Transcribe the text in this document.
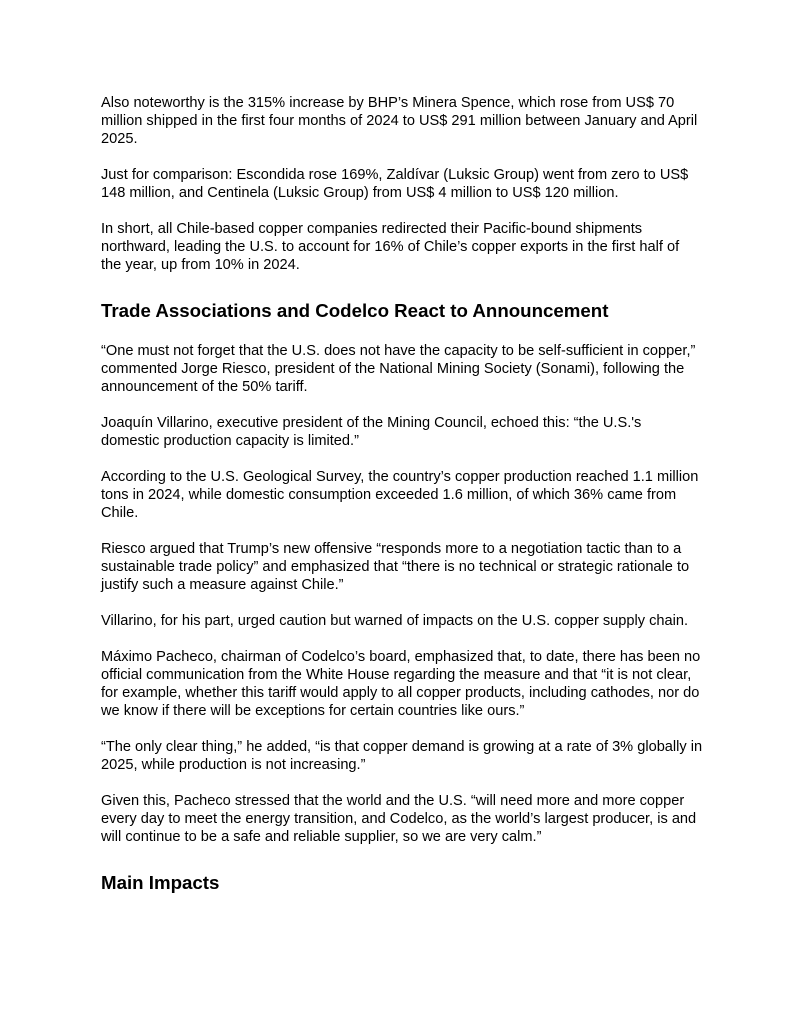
Also noteworthy is the 315% increase by BHP’s Minera Spence, which rose from US$ 70 million shipped in the first four months of 2024 to US$ 291 million between January and April 2025.

Just for comparison: Escondida rose 169%, Zaldívar (Luksic Group) went from zero to US$ 148 million, and Centinela (Luksic Group) from US$ 4 million to US$ 120 million.

In short, all Chile-based copper companies redirected their Pacific-bound shipments northward, leading the U.S. to account for 16% of Chile’s copper exports in the first half of the year, up from 10% in 2024.

Trade Associations and Codelco React to Announcement

“One must not forget that the U.S. does not have the capacity to be self-sufficient in copper,” commented Jorge Riesco, president of the National Mining Society (Sonami), following the announcement of the 50% tariff.

Joaquín Villarino, executive president of the Mining Council, echoed this: “the U.S.'s domestic production capacity is limited.”

According to the U.S. Geological Survey, the country’s copper production reached 1.1 million tons in 2024, while domestic consumption exceeded 1.6 million, of which 36% came from Chile.

Riesco argued that Trump’s new offensive “responds more to a negotiation tactic than to a sustainable trade policy” and emphasized that “there is no technical or strategic rationale to justify such a measure against Chile.”

Villarino, for his part, urged caution but warned of impacts on the U.S. copper supply chain.

Máximo Pacheco, chairman of Codelco’s board, emphasized that, to date, there has been no official communication from the White House regarding the measure and that “it is not clear, for example, whether this tariff would apply to all copper products, including cathodes, nor do we know if there will be exceptions for certain countries like ours.”

“The only clear thing,” he added, “is that copper demand is growing at a rate of 3% globally in 2025, while production is not increasing.”

Given this, Pacheco stressed that the world and the U.S. “will need more and more copper every day to meet the energy transition, and Codelco, as the world’s largest producer, is and will continue to be a safe and reliable supplier, so we are very calm.”

Main Impacts
